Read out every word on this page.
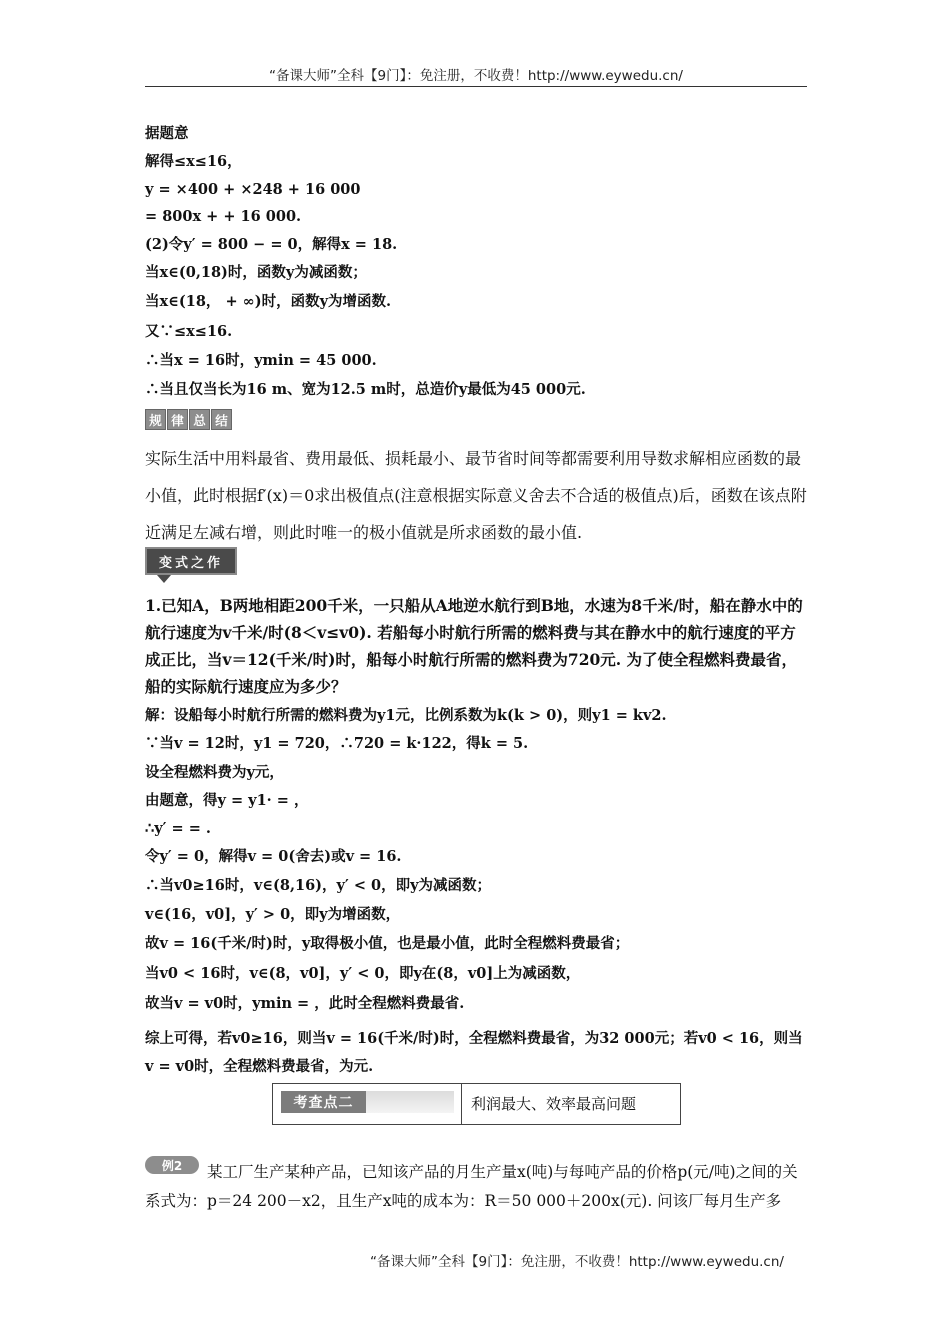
“备课大师”全科【9门】：免注册，不收费！http://www.eywedu.cn/
据题意
解得≤x≤16，
y = ×400 + ×248 + 16 000
= 800x + + 16 000.
(2)令y′ = 800 − = 0，解得x = 18.
当x∈(0,18)时，函数y为减函数；
当x∈(18， + ∞)时，函数y为增函数.
又∵≤x≤16.
∴当x = 16时，ymin = 45 000.
∴当且仅当长为16 m、宽为12.5 m时，总造价y最低为45 000元.
规 律 总 结
实际生活中用料最省、费用最低、损耗最小、最节省时间等都需要利用导数求解相应函数的最小值，此时根据f′(x)＝0求出极值点(注意根据实际意义舍去不合适的极值点)后，函数在该点附近满足左减右增，则此时唯一的极小值就是所求函数的最小值.
变式之作
1.已知A，B两地相距200千米，一只船从A地逆水航行到B地，水速为8千米/时，船在静水中的航行速度为v千米/时(8＜v≤v0). 若船每小时航行所需的燃料费与其在静水中的航行速度的平方成正比，当v＝12(千米/时)时，船每小时航行所需的燃料费为720元. 为了使全程燃料费最省，船的实际航行速度应为多少？
解：设船每小时航行所需的燃料费为y1元，比例系数为k(k > 0)，则y1 = kv2.
∵当v = 12时，y1 = 720，∴720 = k·122，得k = 5.
设全程燃料费为y元，
由题意，得y = y1· = ，
∴y′ = = .
令y′ = 0，解得v = 0(舍去)或v = 16.
∴当v0≥16时，v∈(8,16)，y′ < 0，即y为减函数；
v∈(16，v0]，y′ > 0，即y为增函数，
故v = 16(千米/时)时，y取得极小值，也是最小值，此时全程燃料费最省；
当v0 < 16时，v∈(8，v0]，y′ < 0，即y在(8，v0]上为减函数，
故当v = v0时，ymin = ，此时全程燃料费最省.
综上可得，若v0≥16，则当v = 16(千米/时)时，全程燃料费最省，为32 000元；若v0 < 16，则当v = v0时，全程燃料费最省，为元.
考查点二	利润最大、效率最高问题
例2	某工厂生产某种产品，已知该产品的月生产量x(吨)与每吨产品的价格p(元/吨)之间的关系式为：p＝24 200－x2，且生产x吨的成本为：R＝50 000＋200x(元). 问该厂每月生产多
“备课大师”全科【9门】：免注册，不收费！http://www.eywedu.cn/
